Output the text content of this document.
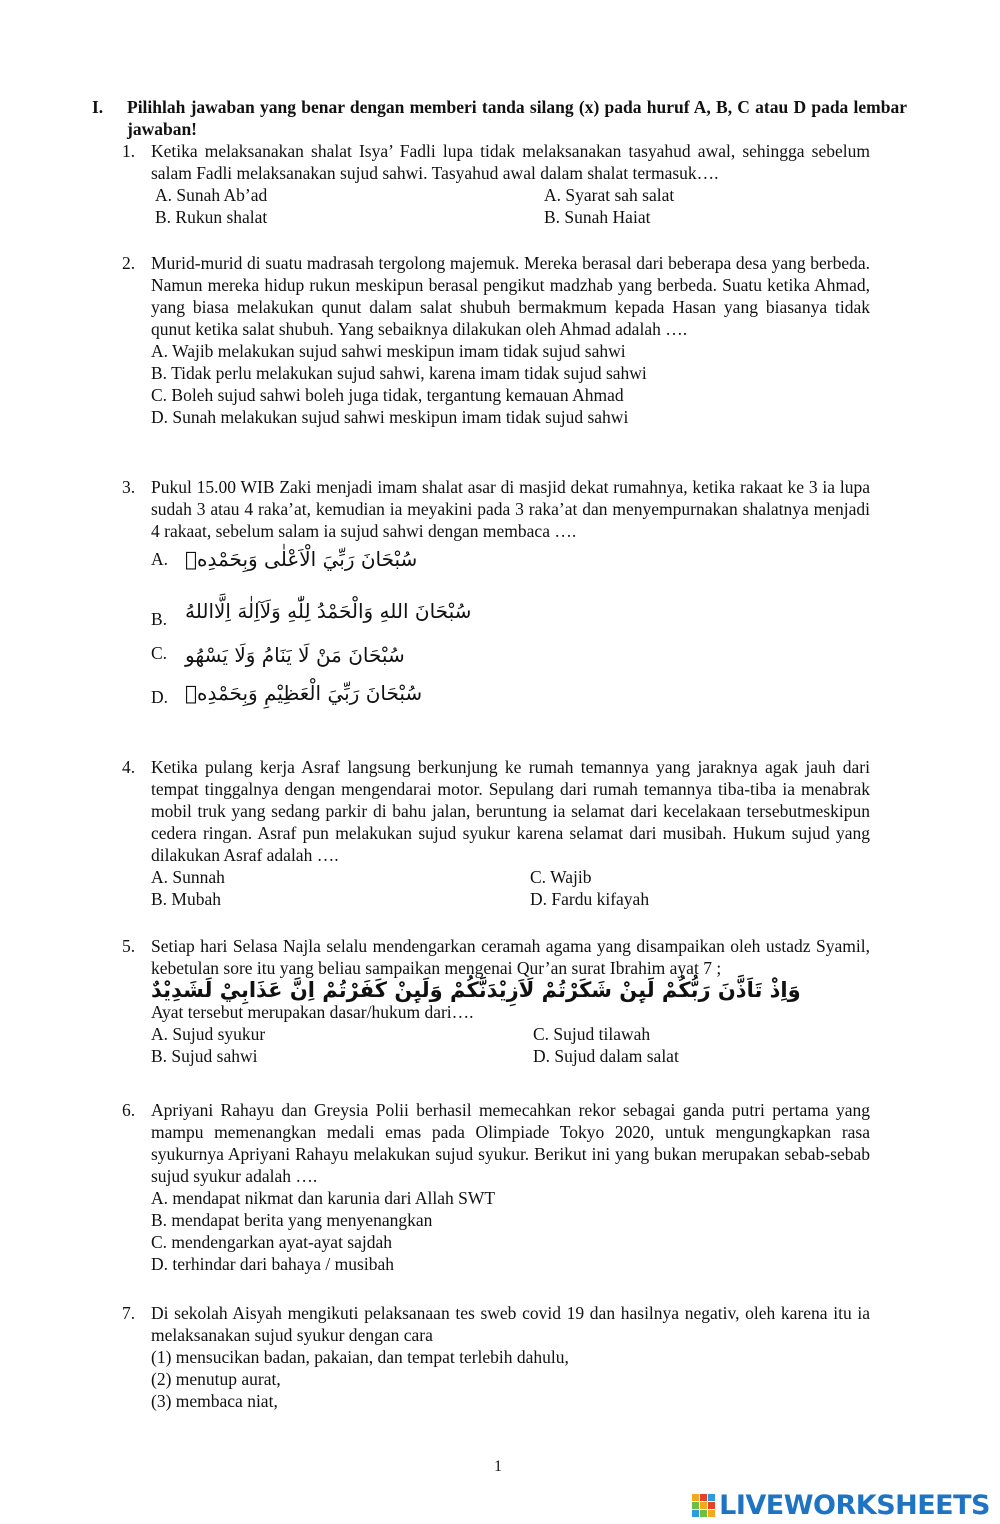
I. Pilihlah jawaban yang benar dengan memberi tanda silang (x) pada huruf A, B, C atau D pada lembar jawaban!
1. Ketika melaksanakan shalat Isya’ Fadli lupa tidak melaksanakan tasyahud awal, sehingga sebelum salam Fadli melaksanakan sujud sahwi. Tasyahud awal dalam shalat termasuk….
A. Sunah Ab’ad	A. Syarat sah salat
B. Rukun shalat	B. Sunah Haiat
2. Murid-murid di suatu madrasah tergolong majemuk. Mereka berasal dari beberapa desa yang berbeda. Namun mereka hidup rukun meskipun berasal pengikut madzhab yang berbeda. Suatu ketika Ahmad, yang biasa melakukan qunut dalam salat shubuh bermakmum kepada Hasan yang biasanya tidak qunut ketika salat shubuh. Yang sebaiknya dilakukan oleh Ahmad adalah ….
A. Wajib melakukan sujud sahwi meskipun imam tidak sujud sahwi
B. Tidak perlu melakukan sujud sahwi, karena imam tidak sujud sahwi
C. Boleh sujud sahwi boleh juga tidak, tergantung kemauan Ahmad
D. Sunah melakukan sujud sahwi meskipun imam tidak sujud sahwi
3. Pukul 15.00 WIB Zaki menjadi imam shalat asar di masjid dekat rumahnya, ketika rakaat ke 3 ia lupa sudah 3 atau 4 raka’at, kemudian ia meyakini pada 3 raka’at dan menyempurnakan shalatnya menjadi 4 rakaat, sebelum salam ia sujud sahwi dengan membaca ….
A. سُبْحَانَ رَبِّيَ الْاَعْلٰى وَبِحَمْدِهٖ
B. سُبْحَانَ اللهِ وَالْحَمْدُ لِلّٰهِ وَلَآاِلٰهَ اِلَّااللهُ
C. سُبْحَانَ مَنْ لَا يَنَامُ وَلَا يَسْهُو
D. سُبْحَانَ رَبِّيَ الْعَظِيْمِ وَبِحَمْدِهٖ
4. Ketika pulang kerja Asraf langsung berkunjung ke rumah temannya yang jaraknya agak jauh dari tempat tinggalnya dengan mengendarai motor. Sepulang dari rumah temannya tiba-tiba ia menabrak mobil truk yang sedang parkir di bahu jalan, beruntung ia selamat dari kecelakaan tersebutmeskipun cedera ringan. Asraf pun melakukan sujud syukur karena selamat dari musibah. Hukum sujud yang dilakukan Asraf adalah ….
A. Sunnah	C. Wajib
B. Mubah	D. Fardu kifayah
5. Setiap hari Selasa Najla selalu mendengarkan ceramah agama yang disampaikan oleh ustadz Syamil, kebetulan sore itu yang beliau sampaikan mengenai Qur’an surat Ibrahim ayat 7 ;
وَاِذْ تَاَذَّنَ رَبُّكُمْ لَىِٕنْ شَكَرْتُمْ لَاَزِيْدَنَّكُمْ وَلَىِٕنْ كَفَرْتُمْ اِنَّ عَذَابِيْ لَشَدِيْدٌ
Ayat tersebut merupakan dasar/hukum dari….
A. Sujud syukur	C. Sujud tilawah
B. Sujud sahwi	D. Sujud dalam salat
6. Apriyani Rahayu dan Greysia Polii berhasil memecahkan rekor sebagai ganda putri pertama yang mampu memenangkan medali emas pada Olimpiade Tokyo 2020, untuk mengungkapkan rasa syukurnya Apriyani Rahayu melakukan sujud syukur. Berikut ini yang bukan merupakan sebab-sebab sujud syukur adalah ….
A. mendapat nikmat dan karunia dari Allah SWT
B. mendapat berita yang menyenangkan
C. mendengarkan ayat-ayat sajdah
D. terhindar dari bahaya / musibah
7. Di sekolah Aisyah mengikuti pelaksanaan tes sweb covid 19 dan hasilnya negativ, oleh karena itu ia melaksanakan sujud syukur dengan cara
(1) mensucikan badan, pakaian, dan tempat terlebih dahulu,
(2) menutup aurat,
(3) membaca niat,
1
LIVEWORKSHEETS
